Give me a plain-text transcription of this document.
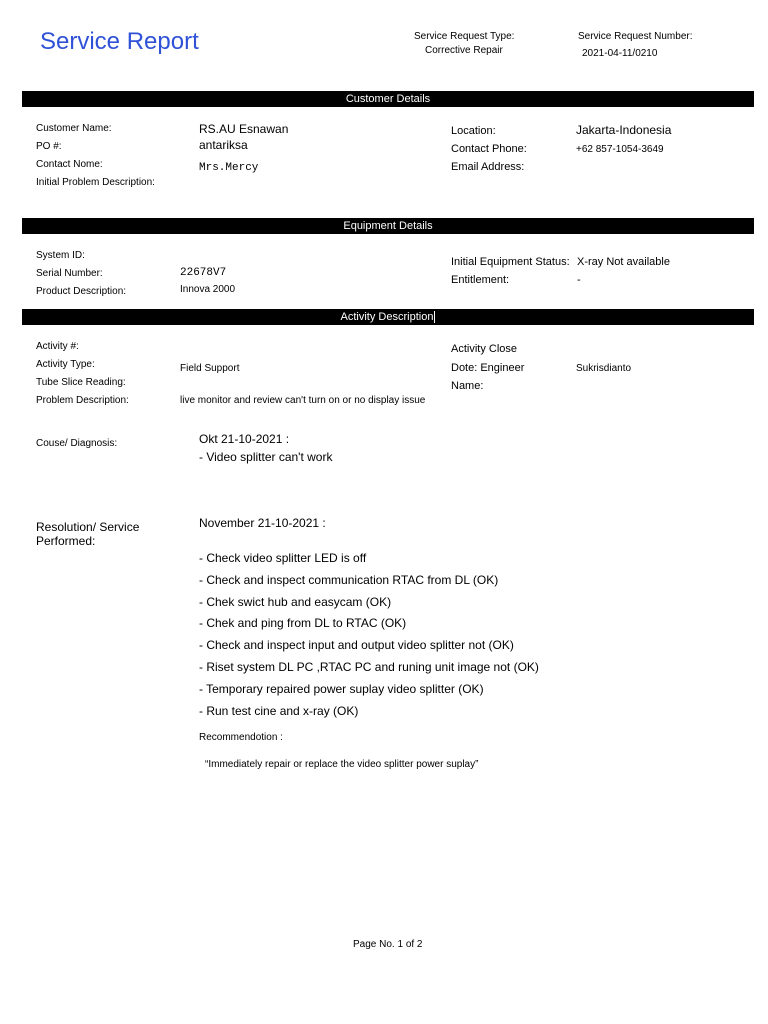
Service Report	Service Request Type:
Corrective Repair
Service Request Number:
2021-04-11/0210
Customer Details
Customer Name:	RS.AU Esnawan
PO #:	antariksa
Contact Nome:	Mrs.Mercy
Initial Problem Description:
Location:	Jakarta-Indonesia
Contact Phone:	+62 857-1054-3649
Email Address:
Equipment Details
System ID:
Serial Number:	22678V7
Product Description:	Innova 2000
Initial Equipment Status: X-ray Not available
Entitlement:	-
Activity Description
Activity #:
Activity Type:	Field Support
Tube Slice Reading:
Problem Description:	live monitor and review can't turn on or no display issue
Activity Close
Dote: Engineer
Name:
Sukrisdianto
Couse/ Diagnosis:	Okt 21-10-2021 :
- Video splitter can't work
Resolution/ Service
Performed:
November 21-10-2021 :
- Check video splitter LED is off
- Check and inspect communication RTAC from DL (OK)
- Chek swict hub and easycam (OK)
- Chek and ping from DL to RTAC (OK)
- Check and inspect input and output video splitter not (OK)
- Riset system DL PC ,RTAC PC and runing unit image not (OK)
- Temporary repaired power suplay video splitter (OK)
- Run test cine and x-ray (OK)
Recommendotion :
“Immediately repair or replace the video splitter power suplay”
Page No. 1 of 2
